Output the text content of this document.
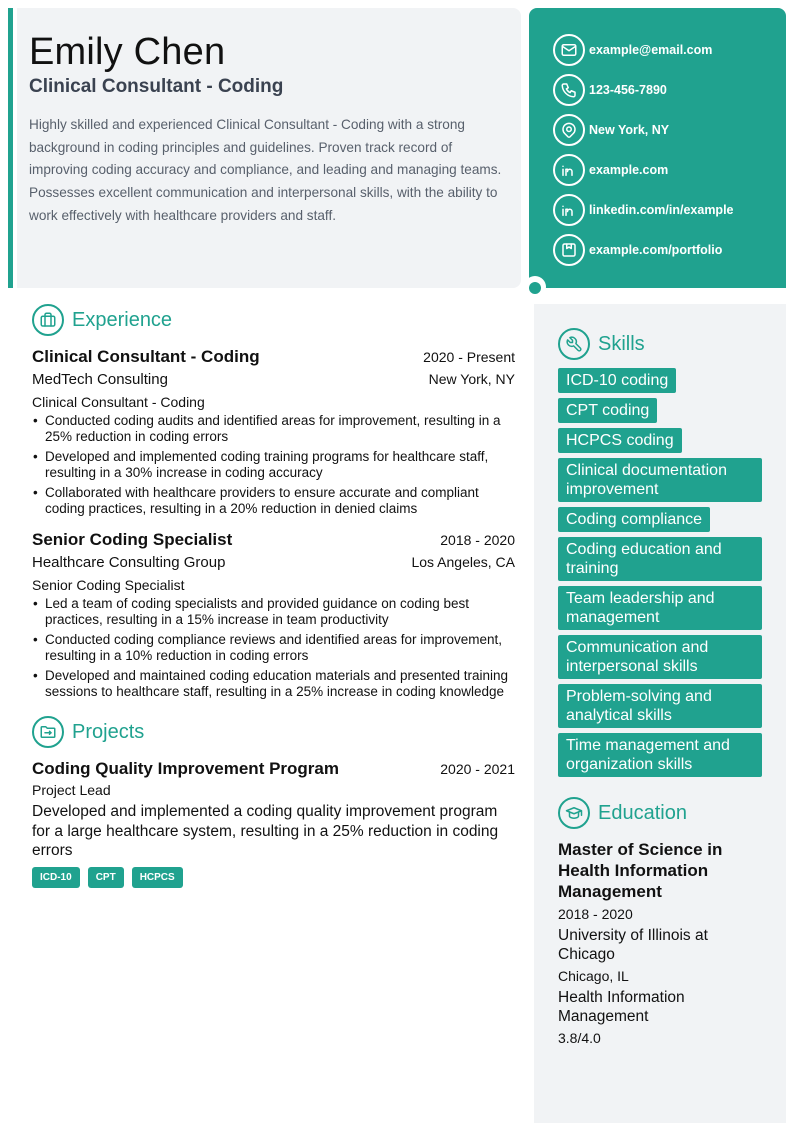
Emily Chen
Clinical Consultant - Coding

Highly skilled and experienced Clinical Consultant - Coding with a strong background in coding principles and guidelines. Proven track record of improving coding accuracy and compliance, and leading and managing teams. Possesses excellent communication and interpersonal skills, with the ability to work effectively with healthcare providers and staff.

example@email.com
123-456-7890
New York, NY
example.com
linkedin.com/in/example
example.com/portfolio
Experience
Clinical Consultant - Coding	2020 - Present
MedTech Consulting	New York, NY
Clinical Consultant - Coding
• Conducted coding audits and identified areas for improvement, resulting in a 25% reduction in coding errors
• Developed and implemented coding training programs for healthcare staff, resulting in a 30% increase in coding accuracy
• Collaborated with healthcare providers to ensure accurate and compliant coding practices, resulting in a 20% reduction in denied claims
Senior Coding Specialist	2018 - 2020
Healthcare Consulting Group	Los Angeles, CA
Senior Coding Specialist
• Led a team of coding specialists and provided guidance on coding best practices, resulting in a 15% increase in team productivity
• Conducted coding compliance reviews and identified areas for improvement, resulting in a 10% reduction in coding errors
• Developed and maintained coding education materials and presented training sessions to healthcare staff, resulting in a 25% increase in coding knowledge
Projects
Coding Quality Improvement Program	2020 - 2021
Project Lead

Developed and implemented a coding quality improvement program for a large healthcare system, resulting in a 25% reduction in coding errors

ICD-10	CPT	HCPCS
Skills
ICD-10 coding
CPT coding
HCPCS coding
Clinical documentation improvement
Coding compliance
Coding education and training
Team leadership and management
Communication and interpersonal skills
Problem-solving and analytical skills
Time management and organization skills
Education
Master of Science in Health Information Management
2018 - 2020
University of Illinois at Chicago
Chicago, IL
Health Information Management
3.8/4.0
